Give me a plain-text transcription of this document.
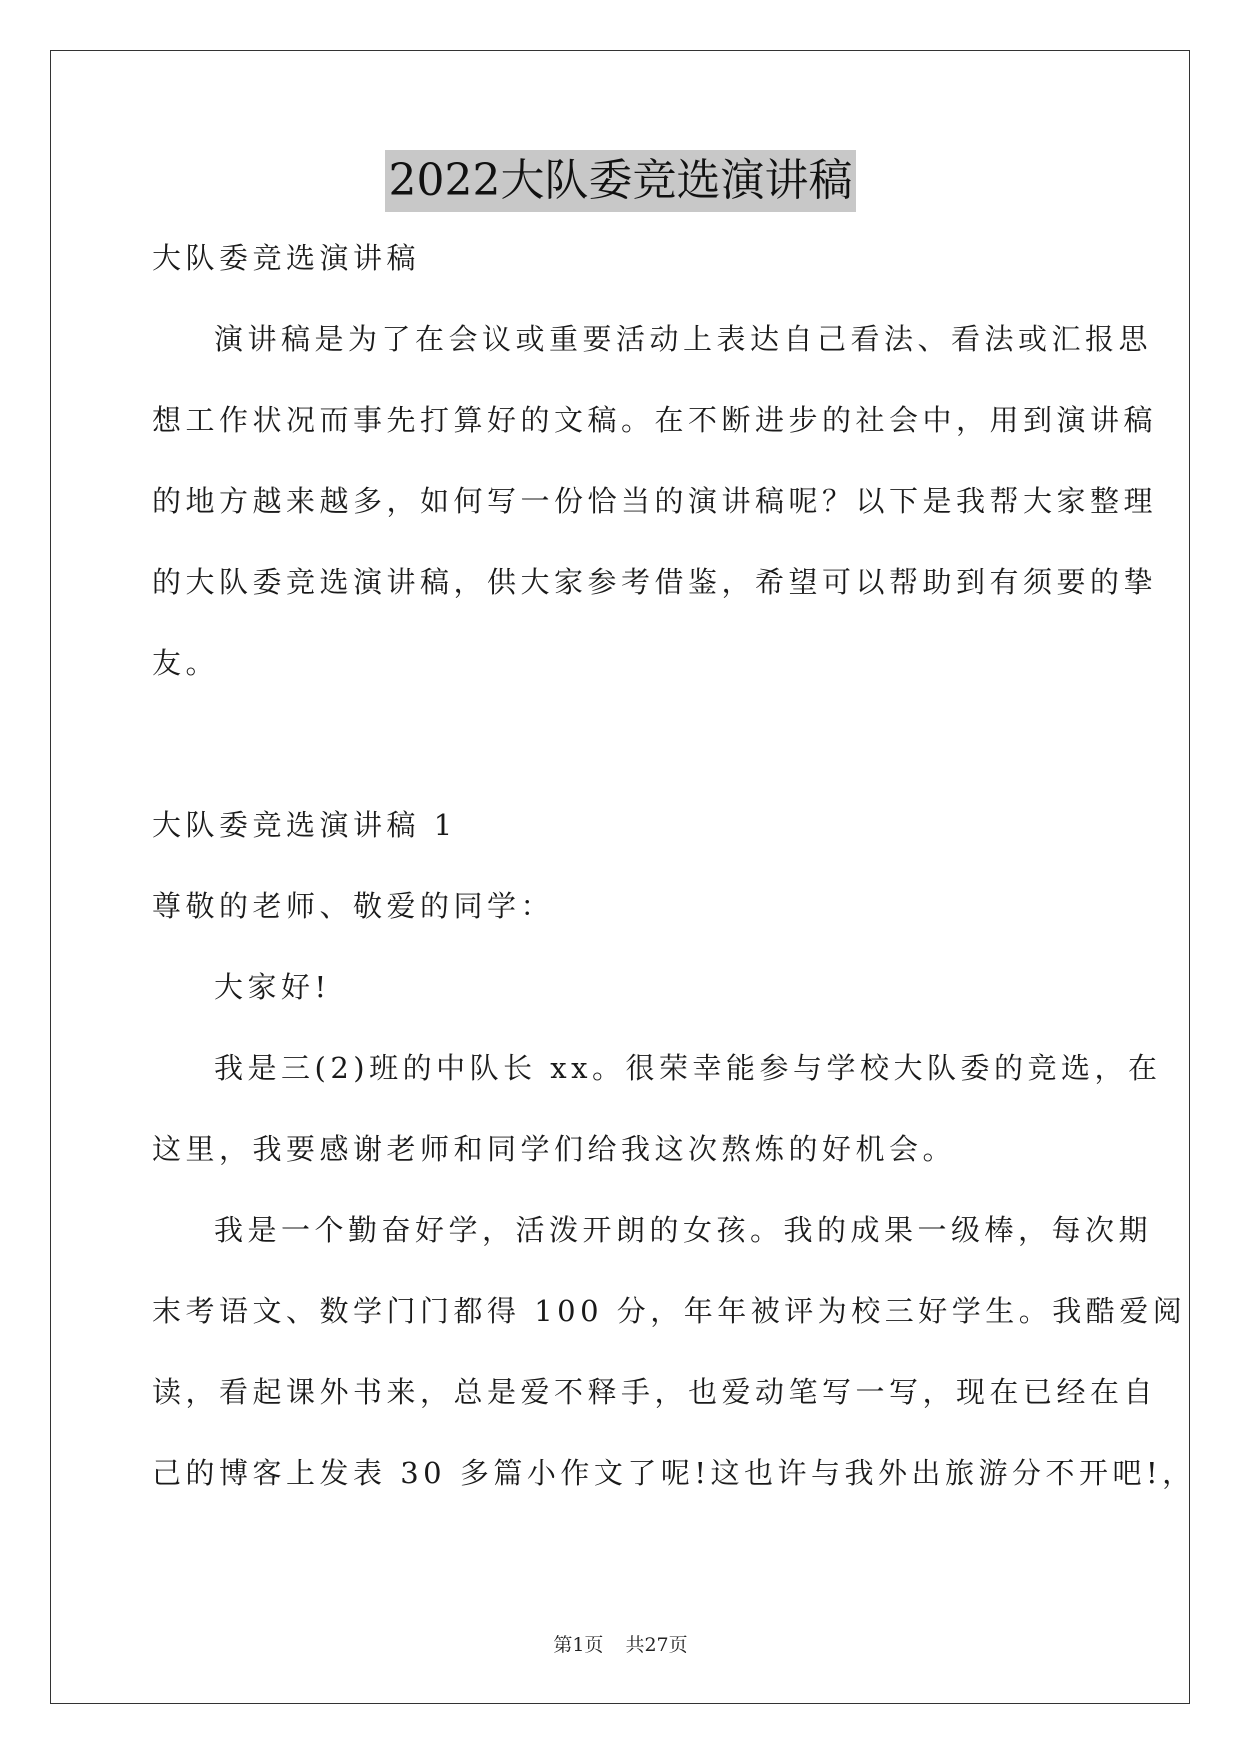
2022大队委竞选演讲稿
大队委竞选演讲稿
演讲稿是为了在会议或重要活动上表达自己看法、看法或汇报思
想工作状况而事先打算好的文稿。在不断进步的社会中，用到演讲稿
的地方越来越多，如何写一份恰当的演讲稿呢？以下是我帮大家整理
的大队委竞选演讲稿，供大家参考借鉴，希望可以帮助到有须要的挚
友。
大队委竞选演讲稿 1
尊敬的老师、敬爱的同学：
大家好!
我是三(2)班的中队长 xx。很荣幸能参与学校大队委的竞选，在
这里，我要感谢老师和同学们给我这次熬炼的好机会。
我是一个勤奋好学，活泼开朗的女孩。我的成果一级棒，每次期
末考语文、数学门门都得 100 分，年年被评为校三好学生。我酷爱阅
读，看起课外书来，总是爱不释手，也爱动笔写一写，现在已经在自
己的博客上发表 30 多篇小作文了呢!这也许与我外出旅游分不开吧!，
第1页 共27页
